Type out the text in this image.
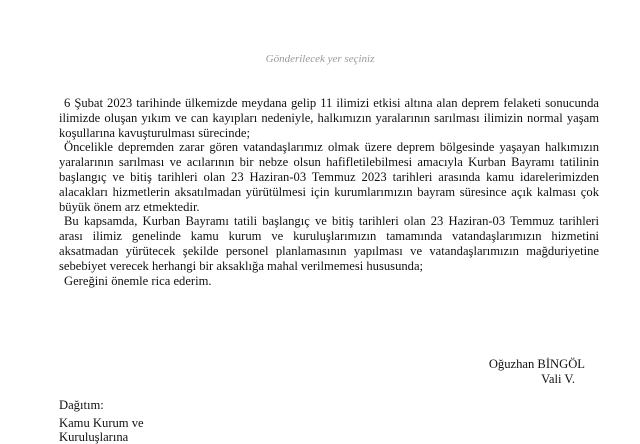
Gönderilecek yer seçiniz

6 Şubat 2023 tarihinde ülkemizde meydana gelip 11 ilimizi etkisi altına alan deprem felaketi sonucunda ilimizde oluşan yıkım ve can kayıpları nedeniyle, halkımızın yaralarının sarılması ilimizin normal yaşam koşullarına kavuşturulması sürecinde;

Öncelikle depremden zarar gören vatandaşlarımız olmak üzere deprem bölgesinde yaşayan halkımızın yaralarının sarılması ve acılarının bir nebze olsun hafifletilebilmesi amacıyla Kurban Bayramı tatilinin başlangıç ve bitiş tarihleri olan 23 Haziran-03 Temmuz 2023 tarihleri arasında kamu idarelerimizden alacakları hizmetlerin aksatılmadan yürütülmesi için kurumlarımızın bayram süresince açık kalması çok büyük önem arz etmektedir.

Bu kapsamda, Kurban Bayramı tatili başlangıç ve bitiş tarihleri olan 23 Haziran-03 Temmuz tarihleri arası ilimiz genelinde kamu kurum ve kuruluşlarımızın tamamında vatandaşlarımızın hizmetini aksatmadan yürütecek şekilde personel planlamasının yapılması ve vatandaşlarımızın mağduriyetine sebebiyet verecek herhangi bir aksaklığa mahal verilmemesi hususunda;

Gereğini önemle rica ederim.

Oğuzhan BİNGÖL
Vali V.
Dağıtım:
Kamu Kurum ve Kuruluşlarına
